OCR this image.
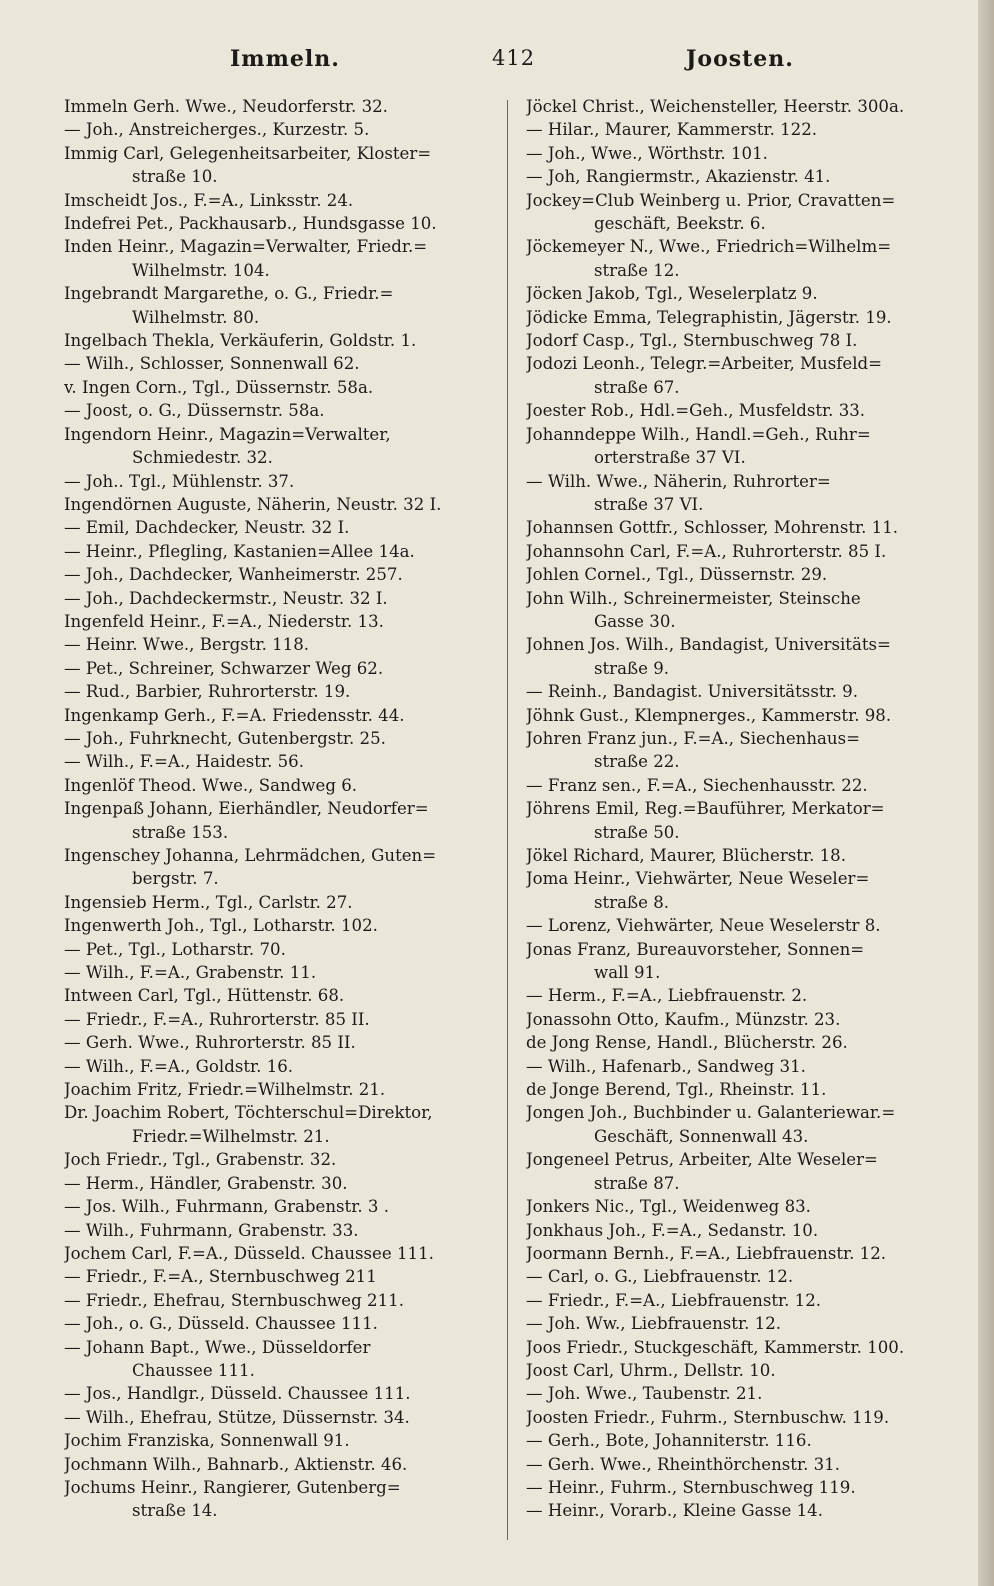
Immeln.	412	Joosten.
Immeln Gerh. Wwe., Neudorferstr. 32.
— Joh., Anstreicherges., Kurzestr. 5.
Immig Carl, Gelegenheitsarbeiter, Kloster=
straße 10.
Imscheidt Jos., F.=A., Linksstr. 24.
Indefrei Pet., Packhausarb., Hundsgasse 10.
Inden Heinr., Magazin=Verwalter, Friedr.=
Wilhelmstr. 104.
Ingebrandt Margarethe, o. G., Friedr.=
Wilhelmstr. 80.
Ingelbach Thekla, Verkäuferin, Goldstr. 1.
— Wilh., Schlosser, Sonnenwall 62.
v. Ingen Corn., Tgl., Düssernstr. 58a.
— Joost, o. G., Düssernstr. 58a.
Ingendorn Heinr., Magazin=Verwalter,
Schmiedestr. 32.
— Joh.. Tgl., Mühlenstr. 37.
Ingendörnen Auguste, Näherin, Neustr. 32 I.
— Emil, Dachdecker, Neustr. 32 I.
— Heinr., Pflegling, Kastanien=Allee 14a.
— Joh., Dachdecker, Wanheimerstr. 257.
— Joh., Dachdeckermstr., Neustr. 32 I.
Ingenfeld Heinr., F.=A., Niederstr. 13.
— Heinr. Wwe., Bergstr. 118.
— Pet., Schreiner, Schwarzer Weg 62.
— Rud., Barbier, Ruhrorterstr. 19.
Ingenkamp Gerh., F.=A. Friedensstr. 44.
— Joh., Fuhrknecht, Gutenbergstr. 25.
— Wilh., F.=A., Haidestr. 56.
Ingenlöf Theod. Wwe., Sandweg 6.
Ingenpaß Johann, Eierhändler, Neudorfer=
straße 153.
Ingenschey Johanna, Lehrmädchen, Guten=
bergstr. 7.
Ingensieb Herm., Tgl., Carlstr. 27.
Ingenwerth Joh., Tgl., Lotharstr. 102.
— Pet., Tgl., Lotharstr. 70.
— Wilh., F.=A., Grabenstr. 11.
Intween Carl, Tgl., Hüttenstr. 68.
— Friedr., F.=A., Ruhrorterstr. 85 II.
— Gerh. Wwe., Ruhrorterstr. 85 II.
— Wilh., F.=A., Goldstr. 16.
Joachim Fritz, Friedr.=Wilhelmstr. 21.
Dr. Joachim Robert, Töchterschul=Direktor,
Friedr.=Wilhelmstr. 21.
Joch Friedr., Tgl., Grabenstr. 32.
— Herm., Händler, Grabenstr. 30.
— Jos. Wilh., Fuhrmann, Grabenstr. 3 .
— Wilh., Fuhrmann, Grabenstr. 33.
Jochem Carl, F.=A., Düsseld. Chaussee 111.
— Friedr., F.=A., Sternbuschweg 211
— Friedr., Ehefrau, Sternbuschweg 211.
— Joh., o. G., Düsseld. Chaussee 111.
— Johann Bapt., Wwe., Düsseldorfer
Chaussee 111.
— Jos., Handlgr., Düsseld. Chaussee 111.
— Wilh., Ehefrau, Stütze, Düssernstr. 34.
Jochim Franziska, Sonnenwall 91.
Jochmann Wilh., Bahnarb., Aktienstr. 46.
Jochums Heinr., Rangierer, Gutenberg=
straße 14.
Jöckel Christ., Weichensteller, Heerstr. 300a.
— Hilar., Maurer, Kammerstr. 122.
— Joh., Wwe., Wörthstr. 101.
— Joh, Rangiermstr., Akazienstr. 41.
Jockey=Club Weinberg u. Prior, Cravatten=
geschäft, Beekstr. 6.
Jöckemeyer N., Wwe., Friedrich=Wilhelm=
straße 12.
Jöcken Jakob, Tgl., Weselerplatz 9.
Jödicke Emma, Telegraphistin, Jägerstr. 19.
Jodorf Casp., Tgl., Sternbuschweg 78 I.
Jodozi Leonh., Telegr.=Arbeiter, Musfeld=
straße 67.
Joester Rob., Hdl.=Geh., Musfeldstr. 33.
Johanndeppe Wilh., Handl.=Geh., Ruhr=
orterstraße 37 VI.
— Wilh. Wwe., Näherin, Ruhrorter=
straße 37 VI.
Johannsen Gottfr., Schlosser, Mohrenstr. 11.
Johannsohn Carl, F.=A., Ruhrorterstr. 85 I.
Johlen Cornel., Tgl., Düssernstr. 29.
John Wilh., Schreinermeister, Steinsche
Gasse 30.
Johnen Jos. Wilh., Bandagist, Universitäts=
straße 9.
— Reinh., Bandagist. Universitätsstr. 9.
Jöhnk Gust., Klempnerges., Kammerstr. 98.
Johren Franz jun., F.=A., Siechenhaus=
straße 22.
— Franz sen., F.=A., Siechenhausstr. 22.
Jöhrens Emil, Reg.=Bauführer, Merkator=
straße 50.
Jökel Richard, Maurer, Blücherstr. 18.
Joma Heinr., Viehwärter, Neue Weseler=
straße 8.
— Lorenz, Viehwärter, Neue Weselerstr 8.
Jonas Franz, Bureauvorsteher, Sonnen=
wall 91.
— Herm., F.=A., Liebfrauenstr. 2.
Jonassohn Otto, Kaufm., Münzstr. 23.
de Jong Rense, Handl., Blücherstr. 26.
— Wilh., Hafenarb., Sandweg 31.
de Jonge Berend, Tgl., Rheinstr. 11.
Jongen Joh., Buchbinder u. Galanteriewar.=
Geschäft, Sonnenwall 43.
Jongeneel Petrus, Arbeiter, Alte Weseler=
straße 87.
Jonkers Nic., Tgl., Weidenweg 83.
Jonkhaus Joh., F.=A., Sedanstr. 10.
Joormann Bernh., F.=A., Liebfrauenstr. 12.
— Carl, o. G., Liebfrauenstr. 12.
— Friedr., F.=A., Liebfrauenstr. 12.
— Joh. Ww., Liebfrauenstr. 12.
Joos Friedr., Stuckgeschäft, Kammerstr. 100.
Joost Carl, Uhrm., Dellstr. 10.
— Joh. Wwe., Taubenstr. 21.
Joosten Friedr., Fuhrm., Sternbuschw. 119.
— Gerh., Bote, Johanniterstr. 116.
— Gerh. Wwe., Rheinthörchenstr. 31.
— Heinr., Fuhrm., Sternbuschweg 119.
— Heinr., Vorarb., Kleine Gasse 14.
